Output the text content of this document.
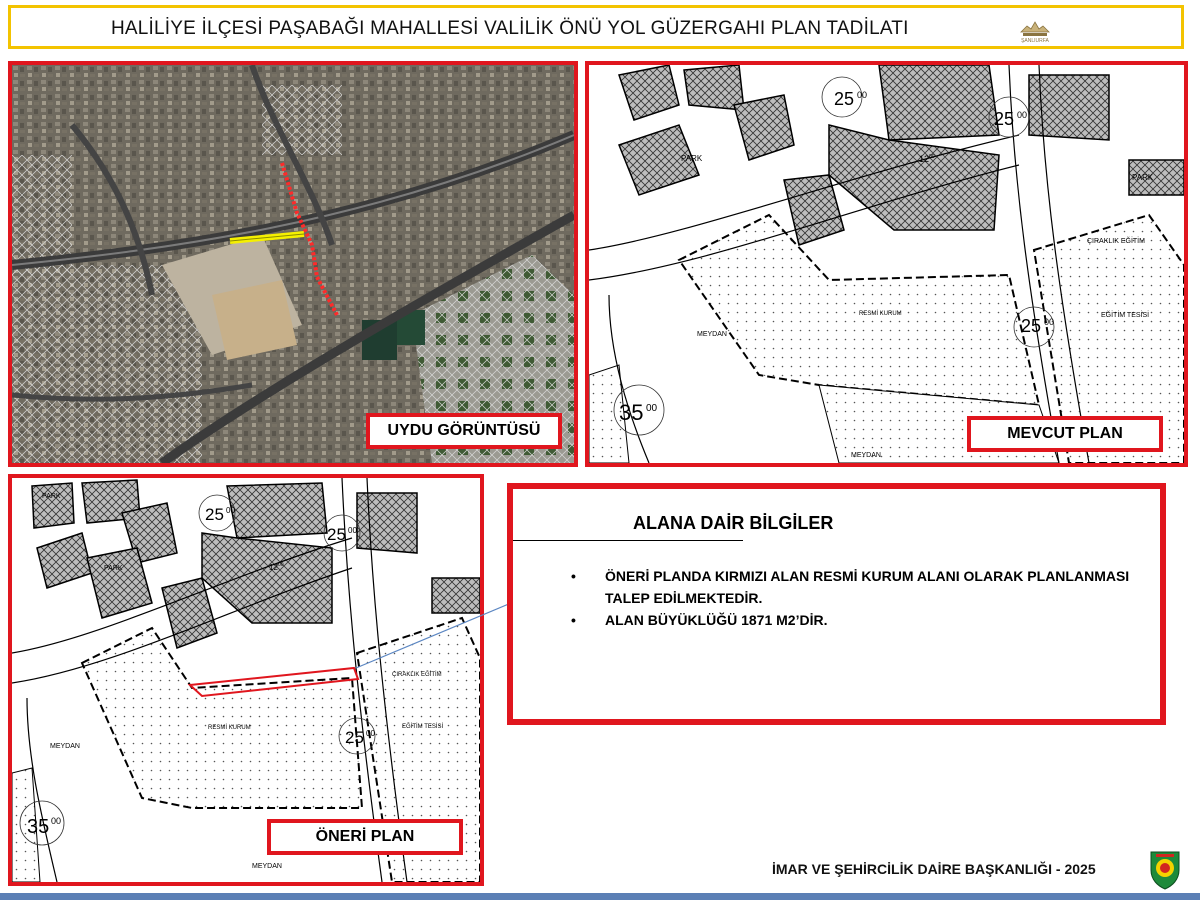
HALİLİYE İLÇESİ PAŞABAĞI MAHALLESİ VALİLİK ÖNÜ YOL GÜZERGAHI PLAN TADİLATI
ŞANLIURFA
UYDU GÖRÜNTÜSÜ
25 00
25 00
25 00
35 00
12 00
PARK
PARK
RESMİ KURUM
ÇIRAKLIK EĞİTİM
EĞİTİM TESİSİ
MEYDAN
MEYDAN
MEVCUT PLAN
25 00
25 00
25 00
35 00
12 00
PARK
PARK
RESMİ KURUM
ÇIRAKLIK EĞİTİM
EĞİTİM TESİSİ
MEYDAN
MEYDAN
ÖNERİ PLAN
ALANA DAİR BİLGİLER
• ÖNERİ PLANDA KIRMIZI ALAN RESMİ KURUM ALANI OLARAK PLANLANMASI TALEP EDİLMEKTEDİR.
• ALAN BÜYÜKLÜĞÜ 1871 M2’DİR.
İMAR VE ŞEHİRCİLİK DAİRE BAŞKANLIĞI - 2025
